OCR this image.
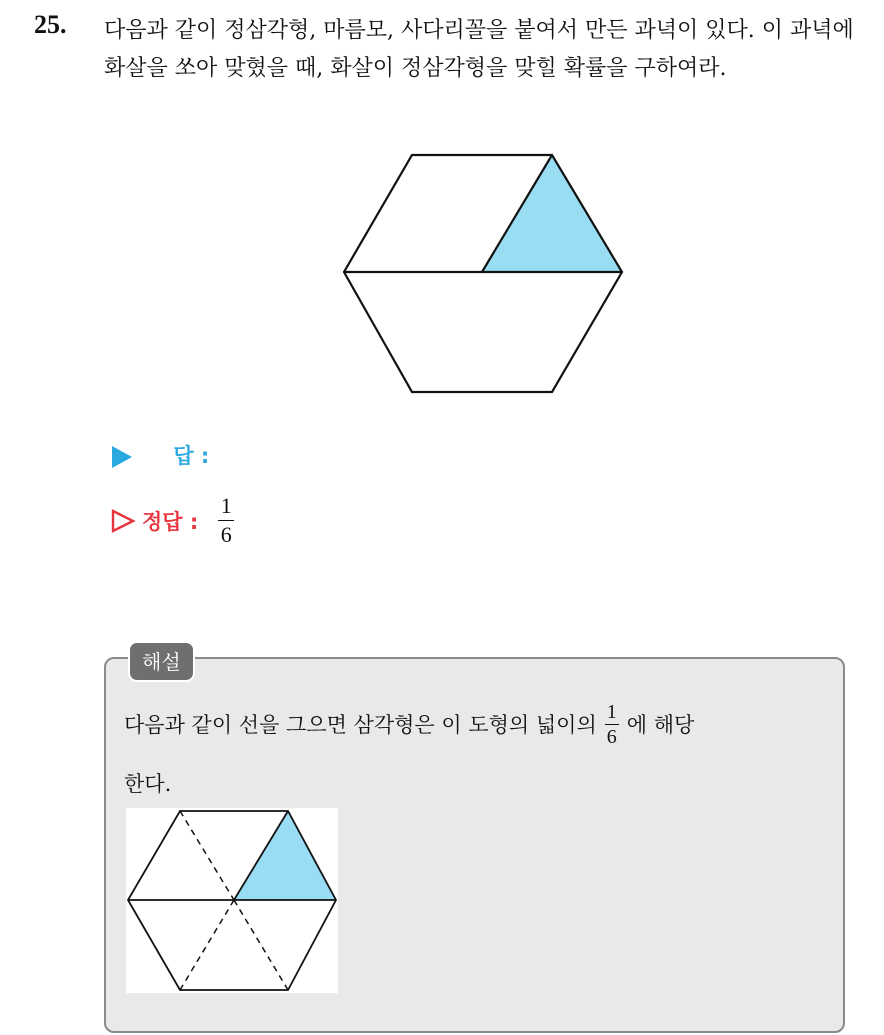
25. 다음과 같이 정삼각형, 마름모, 사다리꼴을 붙여서 만든 과녁이 있다. 이 과녁에 화살을 쏘아 맞혔을 때, 화살이 정삼각형을 맞힐 확률을 구하여라.
답 :
정답 : $\frac{1}{6}$
해설
다음과 같이 선을 그으면 삼각형은 이 도형의 넓이의 $\frac{1}{6}$ 에 해당
한다.
